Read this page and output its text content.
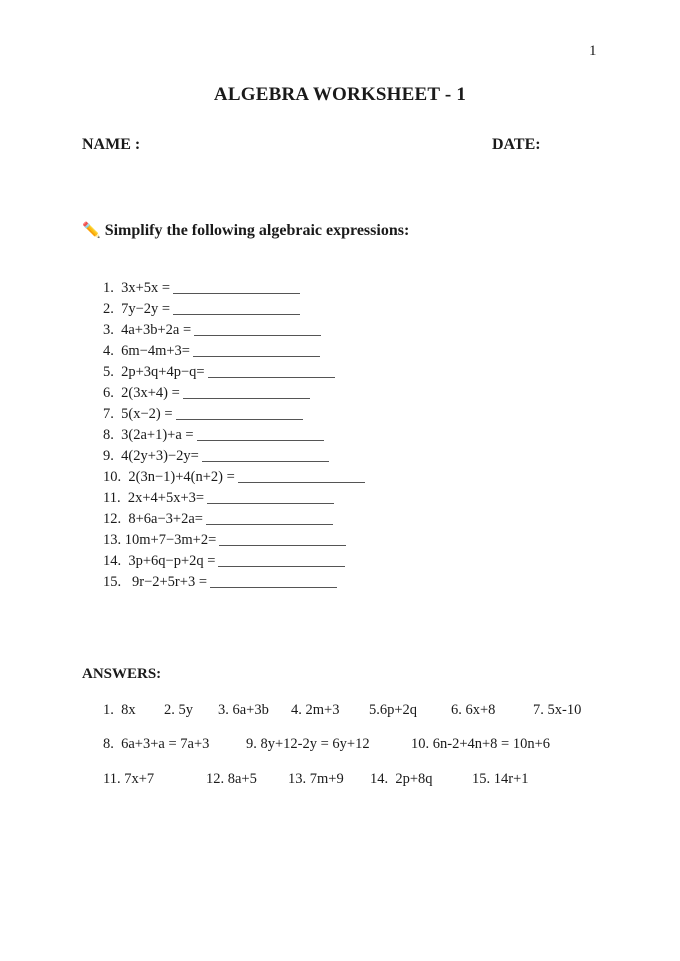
1
ALGEBRA WORKSHEET - 1
NAME :	DATE:
✏️ Simplify the following algebraic expressions:
1.  3x+5x =
2.  7y−2y =
3.  4a+3b+2a =
4.  6m−4m+3=
5.  2p+3q+4p−q=
6.  2(3x+4) =
7.  5(x−2) =
8.  3(2a+1)+a =
9.  4(2y+3)−2y=
10.  2(3n−1)+4(n+2) =
11.  2x+4+5x+3=
12.  8+6a−3+2a=
13. 10m+7−3m+2=
14.  3p+6q−p+2q =
15.   9r−2+5r+3 =
ANSWERS:
1.  8x 2. 5y 3. 6a+3b 4. 2m+3 5.6p+2q 6. 6x+8	7. 5x-10
8.  6a+3+a = 7a+3	9. 8y+12-2y = 6y+12	10. 6n-2+4n+8 = 10n+6
11. 7x+7	12. 8a+5 13. 7m+9 14.  2p+8q	15. 14r+1
